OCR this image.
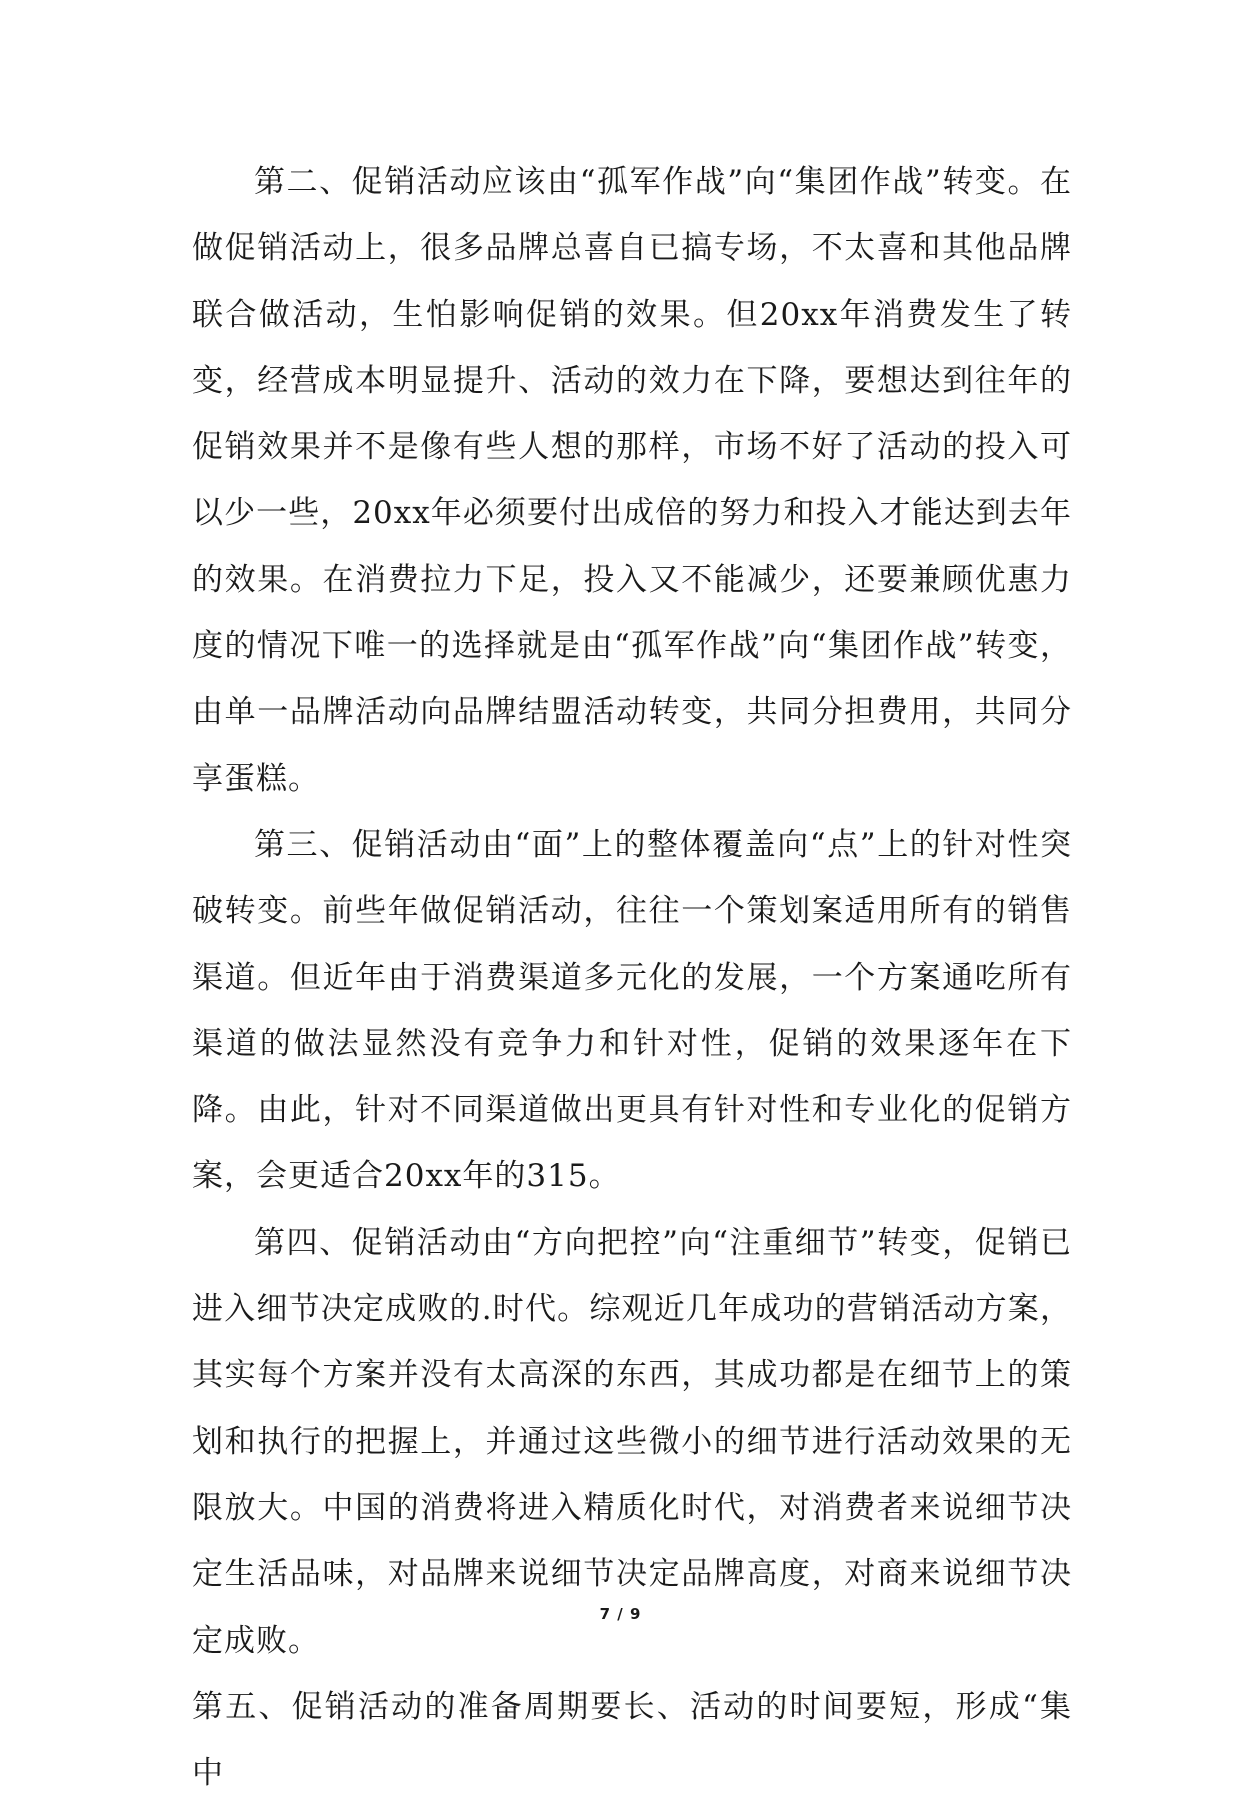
第二、促销活动应该由“孤军作战”向“集团作战”转变。在做促销活动上，很多品牌总喜自已搞专场，不太喜和其他品牌联合做活动，生怕影响促销的效果。但20xx年消费发生了转变，经营成本明显提升、活动的效力在下降，要想达到往年的促销效果并不是像有些人想的那样，市场不好了活动的投入可以少一些，20xx年必须要付出成倍的努力和投入才能达到去年的效果。在消费拉力下足，投入又不能减少，还要兼顾优惠力度的情况下唯一的选择就是由“孤军作战”向“集团作战”转变，由单一品牌活动向品牌结盟活动转变，共同分担费用，共同分享蛋糕。

第三、促销活动由“面”上的整体覆盖向“点”上的针对性突破转变。前些年做促销活动，往往一个策划案适用所有的销售渠道。但近年由于消费渠道多元化的发展，一个方案通吃所有渠道的做法显然没有竞争力和针对性，促销的效果逐年在下降。由此，针对不同渠道做出更具有针对性和专业化的促销方案，会更适合20xx年的315。

第四、促销活动由“方向把控”向“注重细节”转变，促销已进入细节决定成败的.时代。综观近几年成功的营销活动方案，其实每个方案并没有太高深的东西，其成功都是在细节上的策划和执行的把握上，并通过这些微小的细节进行活动效果的无限放大。中国的消费将进入精质化时代，对消费者来说细节决定生活品味，对品牌来说细节决定品牌高度，对商来说细节决定成败。

第五、促销活动的准备周期要长、活动的时间要短，形成“集中

7 / 9
